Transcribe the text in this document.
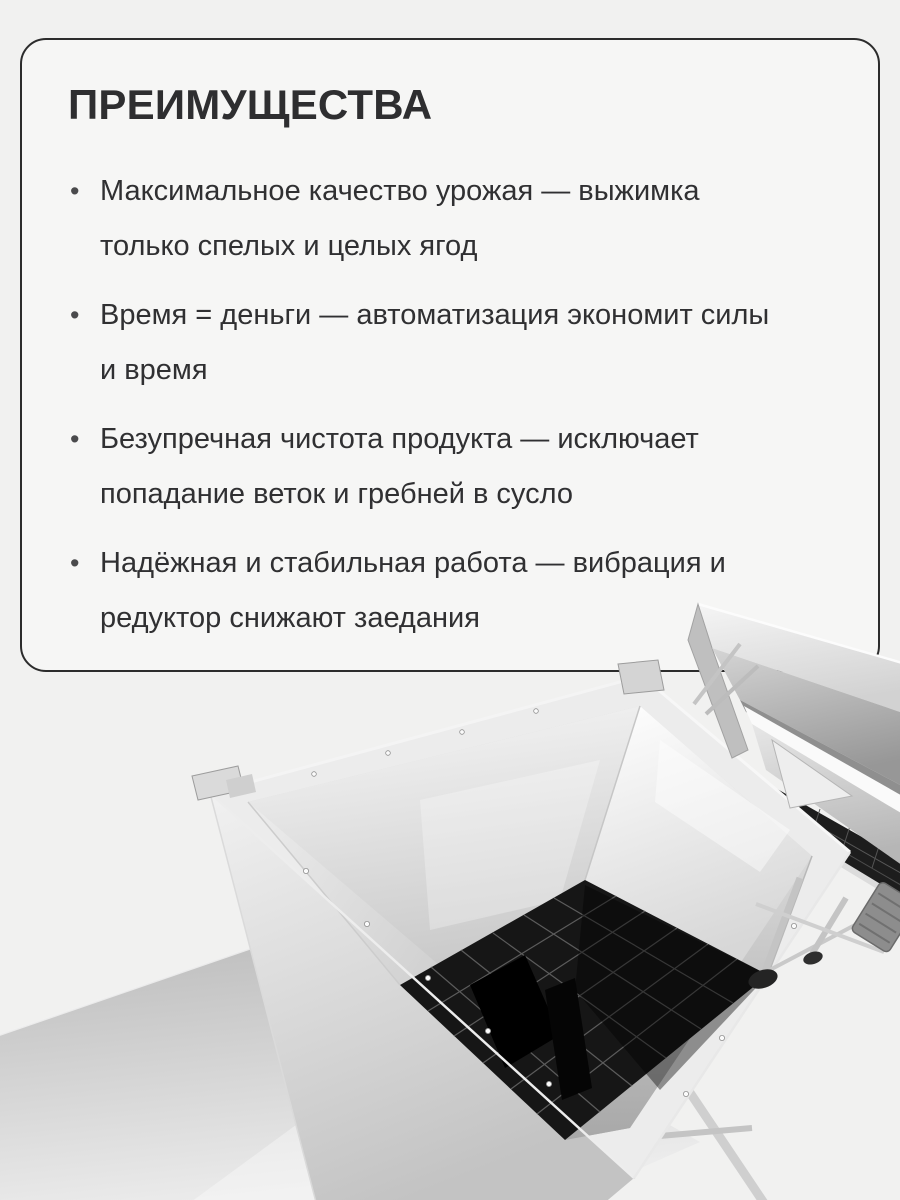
ПРЕИМУЩЕСТВА
• Максимальное качество урожая — выжимка
только спелых и целых ягод
• Время = деньги — автоматизация экономит силы
и время
• Безупречная чистота продукта — исключает
попадание веток и гребней в сусло
• Надёжная и стабильная работа — вибрация и
редуктор снижают заедания
